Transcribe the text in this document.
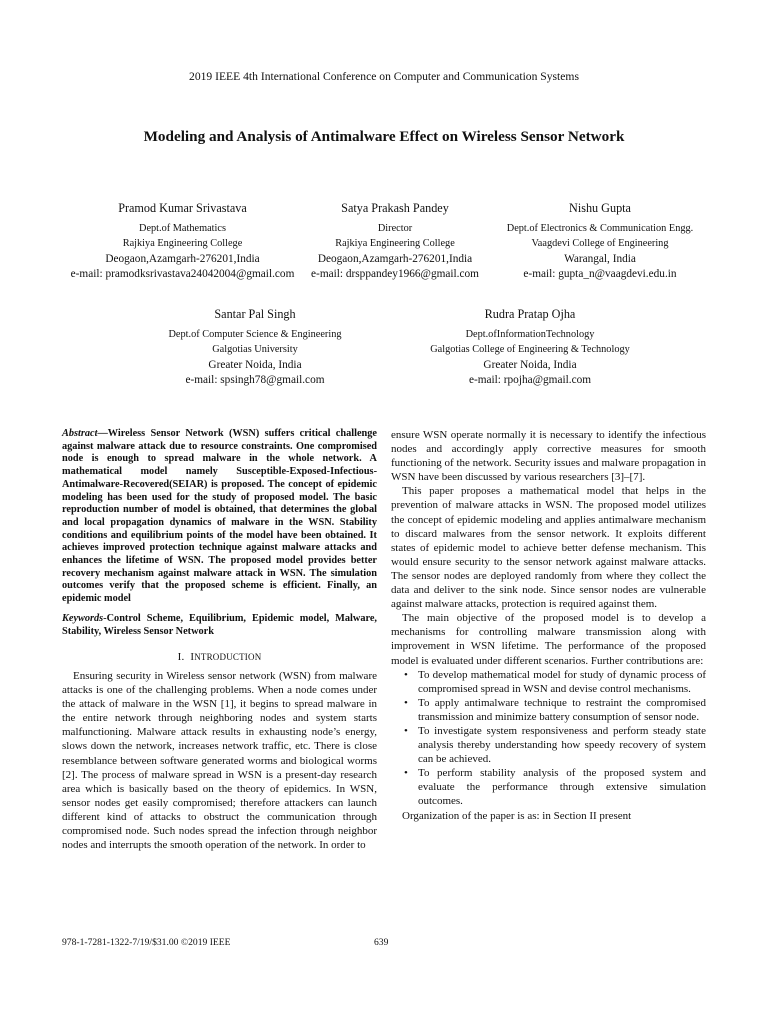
2019 IEEE 4th International Conference on Computer and Communication Systems
Modeling and Analysis of Antimalware Effect on Wireless Sensor Network
Pramod Kumar Srivastava
Dept.of Mathematics
Rajkiya Engineering College
Deogaon,Azamgarh-276201,India
e-mail: pramodksrivastava24042004@gmail.com
Satya Prakash Pandey
Director
Rajkiya Engineering College
Deogaon,Azamgarh-276201,India
e-mail: drsppandey1966@gmail.com
Nishu Gupta
Dept.of Electronics & Communication Engg.
Vaagdevi College of Engineering
Warangal, India
e-mail: gupta_n@vaagdevi.edu.in
Santar Pal Singh
Dept.of Computer Science & Engineering
Galgotias University
Greater Noida, India
e-mail: spsingh78@gmail.com
Rudra Pratap Ojha
Dept.ofInformationTechnology
Galgotias College of Engineering & Technology
Greater Noida, India
e-mail: rpojha@gmail.com

Abstract—Wireless Sensor Network (WSN) suffers critical challenge against malware attack due to resource constraints. One compromised node is enough to spread malware in the whole network. A mathematical model namely Susceptible-Exposed-Infectious-Antimalware-Recovered(SEIAR) is proposed. The concept of epidemic modeling has been used for the study of proposed model. The basic reproduction number of model is obtained, that determines the global and local propagation dynamics of malware in the WSN. Stability conditions and equilibrium points of the model have been obtained. It achieves improved protection technique against malware attacks and enhances the lifetime of WSN. The proposed model provides better recovery mechanism against malware attack in WSN. The simulation outcomes verify that the proposed scheme is efficient. Finally, an epidemic model

Keywords-Control Scheme, Equilibrium, Epidemic model, Malware, Stability, Wireless Sensor Network

I. INTRODUCTION

Ensuring security in Wireless sensor network (WSN) from malware attacks is one of the challenging problems. When a node comes under the attack of malware in the WSN [1], it begins to spread malware in the entire network through neighboring nodes and system starts malfunctioning. Malware attack results in exhausting node’s energy, slows down the network, increases network traffic, etc. There is close resemblance between software generated worms and biological worms [2]. The process of malware spread in WSN is a present-day research area which is basically based on the theory of epidemics. In WSN, sensor nodes get easily compromised; therefore attackers can launch different kind of attacks to obstruct the communication through compromised node. Such nodes spread the infection through neighbor nodes and interrupts the smooth operation of the network. In order to

ensure WSN operate normally it is necessary to identify the infectious nodes and accordingly apply corrective measures for smooth functioning of the network. Security issues and malware propagation in WSN have been discussed by various researchers [3]–[7].

This paper proposes a mathematical model that helps in the prevention of malware attacks in WSN. The proposed model utilizes the concept of epidemic modeling and applies antimalware mechanism to discard malwares from the sensor network. It exploits different states of epidemic model to achieve better defense mechanism. This would ensure security to the sensor network against malware attacks. The sensor nodes are deployed randomly from where they collect the data and deliver to the sink node. Since sensor nodes are vulnerable against malware attacks, protection is required against them.

The main objective of the proposed model is to develop a mechanisms for controlling malware transmission along with improvement in WSN lifetime. The performance of the proposed model is evaluated under different scenarios. Further contributions are:

• To develop mathematical model for study of dynamic process of compromised spread in WSN and devise control mechanisms.
• To apply antimalware technique to restraint the compromised transmission and minimize battery consumption of sensor node.
• To investigate system responsiveness and perform steady state analysis thereby understanding how speedy recovery of system can be achieved.
• To perform stability analysis of the proposed system and evaluate the performance through extensive simulation outcomes.

Organization of the paper is as: in Section II present

978-1-7281-1322-7/19/$31.00 ©2019 IEEE	639
